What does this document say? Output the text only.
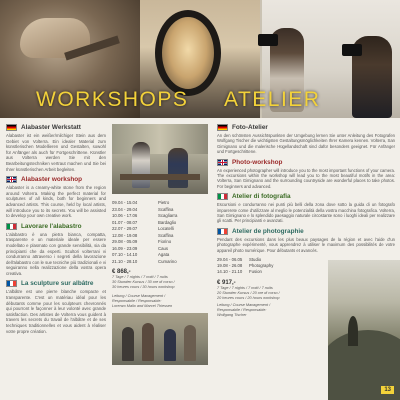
WORKSHOPS ATELIER
Alabaster Werkstatt

Alabaster ist ein weißer/milchiger Stein aus dem Gebiet von Volterra. Ein idealer Material zum künstlerischen Modellieren und Gestalten, sowohl für Anfänger als auch für Fortgeschrittene. Künstler aus Volterra werden Sie mit den Bearbeitungstechniken vertraut machen und Sie bei Ihrer künstlerischen Arbeit begleiten.

Alabaster workshop

Alabaster is a creamy-white stone from the region around Volterra. Making the perfect material for sculptures of all kinds, both for beginners and advanced artists. This course, held by local artists, will introduce you to its secrets. You will be assisted to develop your own creative work.

Lavorare l'alabastro

L'alabastro è una pietra bianca, compatta, trasparente e un materiale ideale per essere modellato e plasmato con grande sensibilità, sia da principianti che da esperti. Scultori volterrani vi condurranno attraverso i segreti della lavorazione dell'alabastro con le sue tecniche più tradizionali e vi seguiranno nella realizzazione della vostra opera creativa.

La sculpture sur albâtre

L'albâtre est une pierre blanche compacte et transparente. C'est un matériau idéal pour les débutants comme pour les sculpteurs chevronnés qui pourront le façonner à leur volonté avec grande satisfaction. Des artistes de Volterra vous guident à travers les secrets du travail de l'albâtre et de ses techniques traditionnelles et vous aident à réaliser votre propre création.

09.04 - 15.04	Pietro
23.04 - 29.04	Scaffina
10.06 - 17.06	Scagliarra
01.07 - 08.07	Bardaglio
22.07 - 29.07	Locatelli
12.08 - 19.08	Scaffina
29.08 - 05.09	Fiorino
16.09 - 23.09	Caus
07.10 - 14.10	Agata
21.10 - 28.10	Cumarino
€ 868,-
7 Tage / 7 nights / 7 notti / 7 nuits
30 Stunden Kursus / 30 ore di corso /
30 heures cours / 30 hours workshop
Leitung / Course Management /
Responsabile / Responsable:
Lorenzo Mallo and Marcel Thiessen
Foto-Atelier

An den schönsten Aussichtspunkten der Umgebung lernen Sie unter Anleitung des Fotografen Wolfgang Tischer die wichtigsten Gestaltungsmöglichkeiten Ihrer Kamera kennen. Volterra, San Gimignano und die malerische Hügellandschaft sind dafür besonders geeignet. Für Anfänger und Fortgeschrittene.

Photo-workshop

An experienced photographer will introduce you to the most important functions of your camera. The excursions within the workshop will lead you to the most beautiful motifs in the area: Volterra, San Gimignano and the surrounding countryside are wonderful places to take photos. For beginners and advanced.

Atelier di fotografia

Escursioni e condurranno nei punti più belli della zona dove sotto la guida di un fotografo imparerete come d'utilizzare al meglio le potenzialità della vostra macchina fotografica. Volterra, San Gimignano e lo splendido paesaggio naturale circostante sono i luoghi ideali per realizzare gli scatti. Per principianti e avanzati.

Atelier de photographie

Pendant des excursions dans les plus beaux paysages de la région et avec l'aide d'un photographe expérimenté, vous apprendrez à utiliser le maximum des possibilités de votre appareil photo numérique. Pour débutants et avancés.

29.04 - 06.05	Studio
19.08 - 26.08	Photography
14.10 - 21.10	Fusion
€ 917,-
7 Tage / 7 nights / 7 notti / 7 nuits
20 Stunden Kursus / 20 ore di corso /
20 heures cours / 20 hours workshop
Leitung / Course Management /
Responsabile / Responsable:
Wolfgang Tischer
13
